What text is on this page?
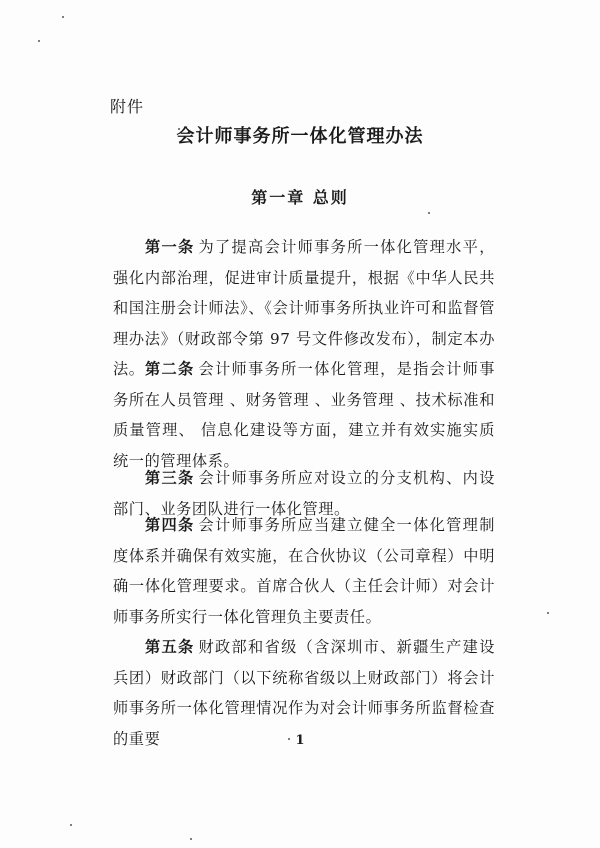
附件
会计师事务所一体化管理办法
第一章 总则

第一条 为了提高会计师事务所一体化管理水平，强化内部治理，促进审计质量提升，根据《中华人民共和国注册会计师法》、《会计师事务所执业许可和监督管理办法》（财政部令第 97 号文件修改发布），制定本办法。 第二条 会计师事务所一体化管理，是指会计师事务所在人员管理 、财务管理 、业务管理 、技术标准和质量管理、 信息化建设等方面，建立并有效实施实质统一的管理体系。

第三条 会计师事务所应对设立的分支机构、内设部门、业务团队进行一体化管理。

第四条 会计师事务所应当建立健全一体化管理制度体系并确保有效实施，在合伙协议（公司章程）中明确一体化管理要求。首席合伙人（主任会计师）对会计师事务所实行一体化管理负主要责任。

第五条 财政部和省级（含深圳市、新疆生产建设兵团）财政部门（以下统称省级以上财政部门）将会计师事务所一体化管理情况作为对会计师事务所监督检查的重要	1
